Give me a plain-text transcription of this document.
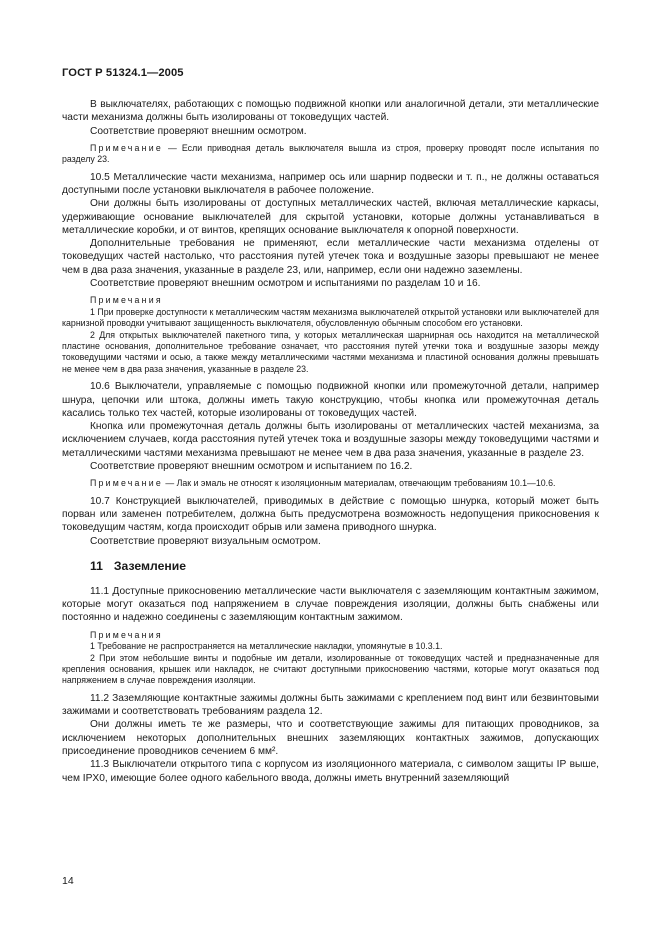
ГОСТ Р 51324.1—2005

В выключателях, работающих с помощью подвижной кнопки или аналогичной детали, эти металлические части механизма должны быть изолированы от токоведущих частей.

Соответствие проверяют внешним осмотром.

Примечание — Если приводная деталь выключателя вышла из строя, проверку проводят после испытания по разделу 23.

10.5 Металлические части механизма, например ось или шарнир подвески и т. п., не должны оставаться доступными после установки выключателя в рабочее положение.

Они должны быть изолированы от доступных металлических частей, включая металлические каркасы, удерживающие основание выключателей для скрытой установки, которые должны устанавливаться в металлические коробки, и от винтов, крепящих основание выключателя к опорной поверхности.

Дополнительные требования не применяют, если металлические части механизма отделены от токоведущих частей настолько, что расстояния путей утечек тока и воздушные зазоры превышают не менее чем в два раза значения, указанные в разделе 23, или, например, если они надежно заземлены.

Соответствие проверяют внешним осмотром и испытаниями по разделам 10 и 16.

Примечания

1 При проверке доступности к металлическим частям механизма выключателей открытой установки или выключателей для карнизной проводки учитывают защищенность выключателя, обусловленную обычным способом его установки.

2 Для открытых выключателей пакетного типа, у которых металлическая шарнирная ось находится на металлической пластине основания, дополнительное требование означает, что расстояния путей утечки тока и воздушные зазоры между токоведущими частями и осью, а также между металлическими частями механизма и пластиной основания должны превышать не менее чем в два раза значения, указанные в разделе 23.

10.6 Выключатели, управляемые с помощью подвижной кнопки или промежуточной детали, например шнура, цепочки или штока, должны иметь такую конструкцию, чтобы кнопка или промежуточная деталь касались только тех частей, которые изолированы от токоведущих частей.

Кнопка или промежуточная деталь должны быть изолированы от металлических частей механизма, за исключением случаев, когда расстояния путей утечек тока и воздушные зазоры между токоведущими частями и металлическими частями механизма превышают не менее чем в два раза значения, указанные в разделе 23.

Соответствие проверяют внешним осмотром и испытанием по 16.2.

Примечание — Лак и эмаль не относят к изоляционным материалам, отвечающим требованиям 10.1—10.6.

10.7 Конструкцией выключателей, приводимых в действие с помощью шнурка, который может быть порван или заменен потребителем, должна быть предусмотрена возможность недопущения прикосновения к токоведущим частям, когда происходит обрыв или замена приводного шнурка.

Соответствие проверяют визуальным осмотром.

11 Заземление

11.1 Доступные прикосновению металлические части выключателя с заземляющим контактным зажимом, которые могут оказаться под напряжением в случае повреждения изоляции, должны быть снабжены или постоянно и надежно соединены с заземляющим контактным зажимом.

Примечания

1 Требование не распространяется на металлические накладки, упомянутые в 10.3.1.

2 При этом небольшие винты и подобные им детали, изолированные от токоведущих частей и предназначенные для крепления основания, крышек или накладок, не считают доступными прикосновению частями, которые могут оказаться под напряжением в случае повреждения изоляции.

11.2 Заземляющие контактные зажимы должны быть зажимами с креплением под винт или безвинтовыми зажимами и соответствовать требованиям раздела 12.

Они должны иметь те же размеры, что и соответствующие зажимы для питающих проводников, за исключением некоторых дополнительных внешних заземляющих контактных зажимов, допускающих присоединение проводников сечением 6 мм².

11.3 Выключатели открытого типа с корпусом из изоляционного материала, с символом защиты IP выше, чем IPX0, имеющие более одного кабельного ввода, должны иметь внутренний заземляющий

14
